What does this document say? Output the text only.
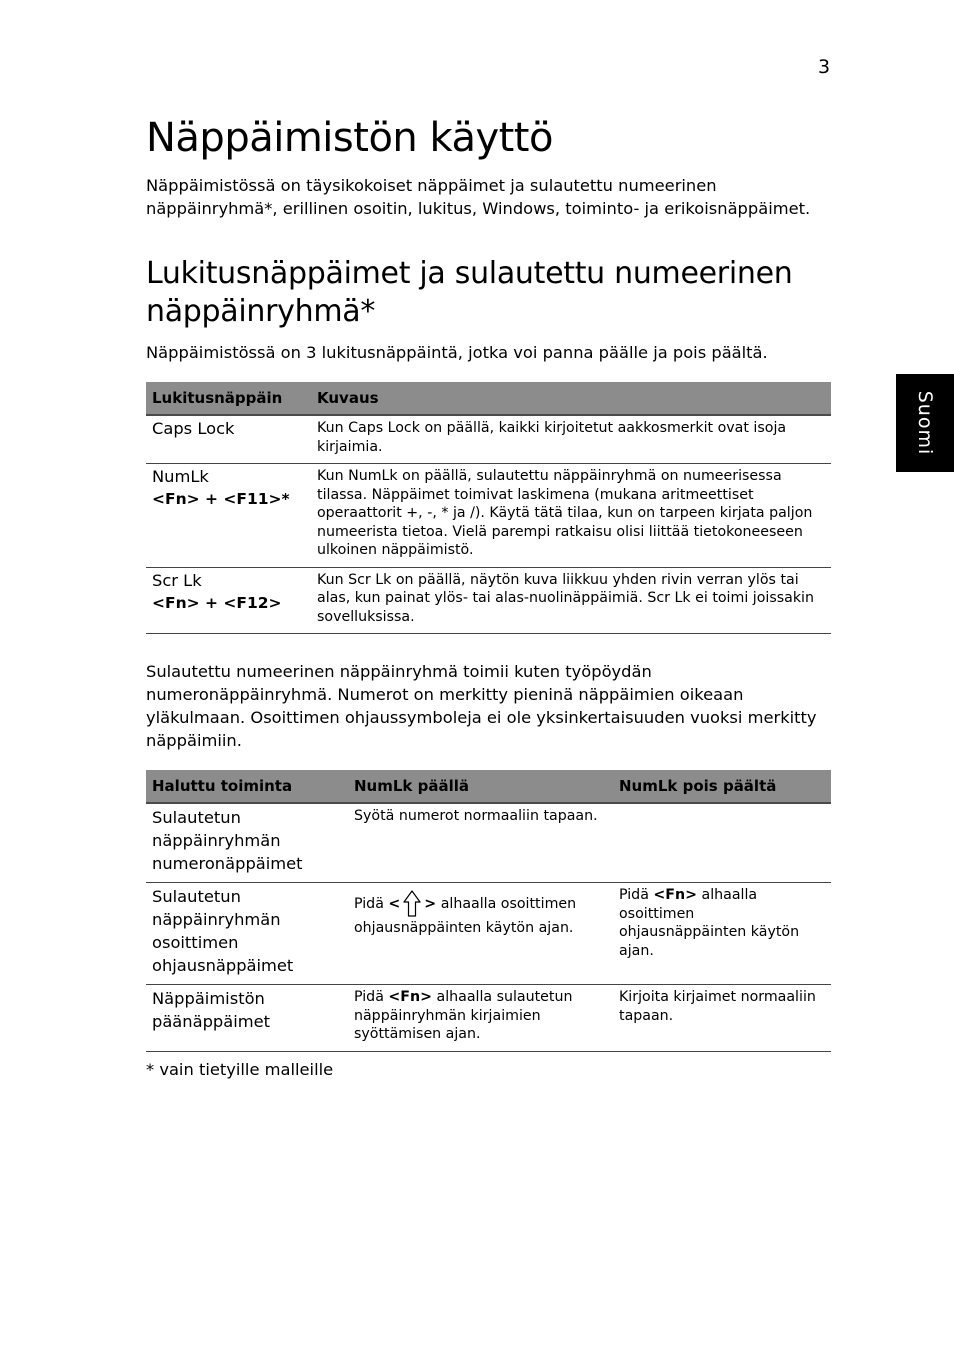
3
Suomi
Näppäimistön käyttö

Näppäimistössä on täysikokoiset näppäimet ja sulautettu numeerinen näppäinryhmä*, erillinen osoitin, lukitus, Windows, toiminto- ja erikoisnäppäimet.

Lukitusnäppäimet ja sulautettu numeerinen näppäinryhmä*

Näppäimistössä on 3 lukitusnäppäintä, jotka voi panna päälle ja pois päältä.

Lukitusnäppäin	Kuvaus

Caps Lock	Kun Caps Lock on päällä, kaikki kirjoitetut aakkosmerkit ovat isoja kirjaimia.

NumLk
<Fn> + <F11>*	Kun NumLk on päällä, sulautettu näppäinryhmä on numeerisessa tilassa. Näppäimet toimivat laskimena (mukana aritmeettiset operaattorit +, -, * ja /). Käytä tätä tilaa, kun on tarpeen kirjata paljon numeerista tietoa. Vielä parempi ratkaisu olisi liittää tietokoneeseen ulkoinen näppäimistö.

Scr Lk
<Fn> + <F12>	Kun Scr Lk on päällä, näytön kuva liikkuu yhden rivin verran ylös tai alas, kun painat ylös- tai alas-nuolinäppäimiä. Scr Lk ei toimi joissakin sovelluksissa.

Sulautettu numeerinen näppäinryhmä toimii kuten työpöydän numeronäppäinryhmä. Numerot on merkitty pieninä näppäimien oikeaan yläkulmaan. Osoittimen ohjaussymboleja ei ole yksinkertaisuuden vuoksi merkitty näppäimiin.

Haluttu toiminta	NumLk päällä	NumLk pois päältä
Sulautetun näppäinryhmän numeronäppäimet	Syötä numerot normaaliin tapaan.	
Sulautetun näppäinryhmän osoittimen ohjausnäppäimet	Pidä < > alhaalla osoittimen ohjausnäppäinten käytön ajan.	Pidä <Fn> alhaalla osoittimen ohjausnäppäinten käytön ajan.
Näppäimistön päänäppäimet	Pidä <Fn> alhaalla sulautetun näppäinryhmän kirjaimien syöttämisen ajan.	Kirjoita kirjaimet normaaliin tapaan.

* vain tietyille malleille
